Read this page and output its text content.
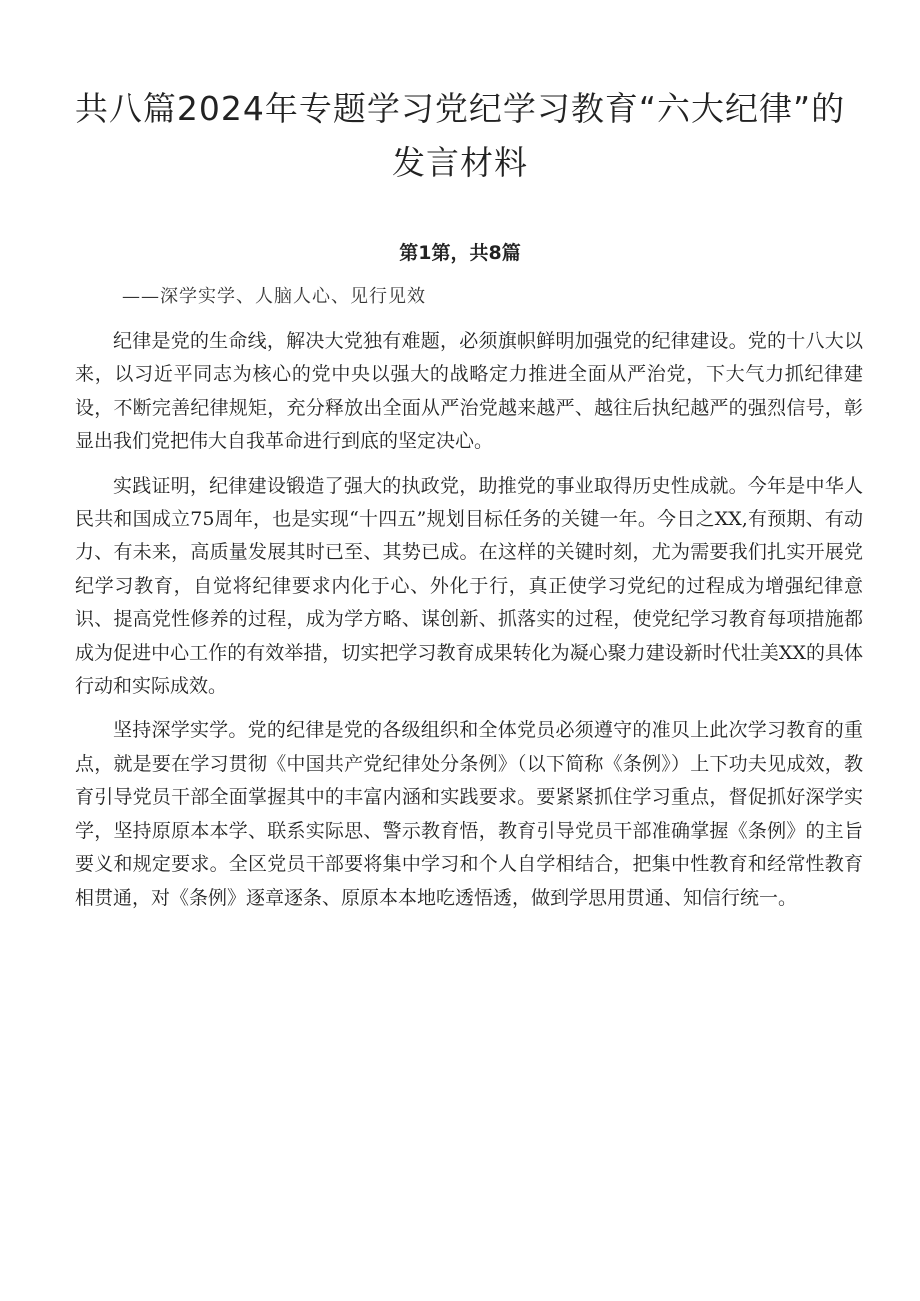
共八篇2024年专题学习党纪学习教育“六大纪律”的发言材料
第1第，共8篇
——深学实学、人脑人心、见行见效

纪律是党的生命线，解决大党独有难题，必须旗帜鲜明加强党的纪律建设。党的十八大以来，以习近平同志为核心的党中央以强大的战略定力推进全面从严治党，下大气力抓纪律建设，不断完善纪律规矩，充分释放出全面从严治党越来越严、越往后执纪越严的强烈信号，彰显出我们党把伟大自我革命进行到底的坚定决心。

实践证明，纪律建设锻造了强大的执政党，助推党的事业取得历史性成就。今年是中华人民共和国成立75周年，也是实现“十四五”规划目标任务的关键一年。今日之XX,有预期、有动力、有未来，高质量发展其时已至、其势已成。在这样的关键时刻，尤为需要我们扎实开展党纪学习教育，自觉将纪律要求内化于心、外化于行，真正使学习党纪的过程成为增强纪律意识、提高党性修养的过程，成为学方略、谋创新、抓落实的过程，使党纪学习教育每项措施都成为促进中心工作的有效举措，切实把学习教育成果转化为凝心聚力建设新时代壮美XX的具体行动和实际成效。

坚持深学实学。党的纪律是党的各级组织和全体党员必须遵守的准贝上此次学习教育的重点，就是要在学习贯彻《中国共产党纪律处分条例》（以下简称《条例》）上下功夫见成效，教育引导党员干部全面掌握其中的丰富内涵和实践要求。要紧紧抓住学习重点，督促抓好深学实学，坚持原原本本学、联系实际思、警示教育悟，教育引导党员干部准确掌握《条例》的主旨要义和规定要求。全区党员干部要将集中学习和个人自学相结合，把集中性教育和经常性教育相贯通，对《条例》逐章逐条、原原本本地吃透悟透，做到学思用贯通、知信行统一。
